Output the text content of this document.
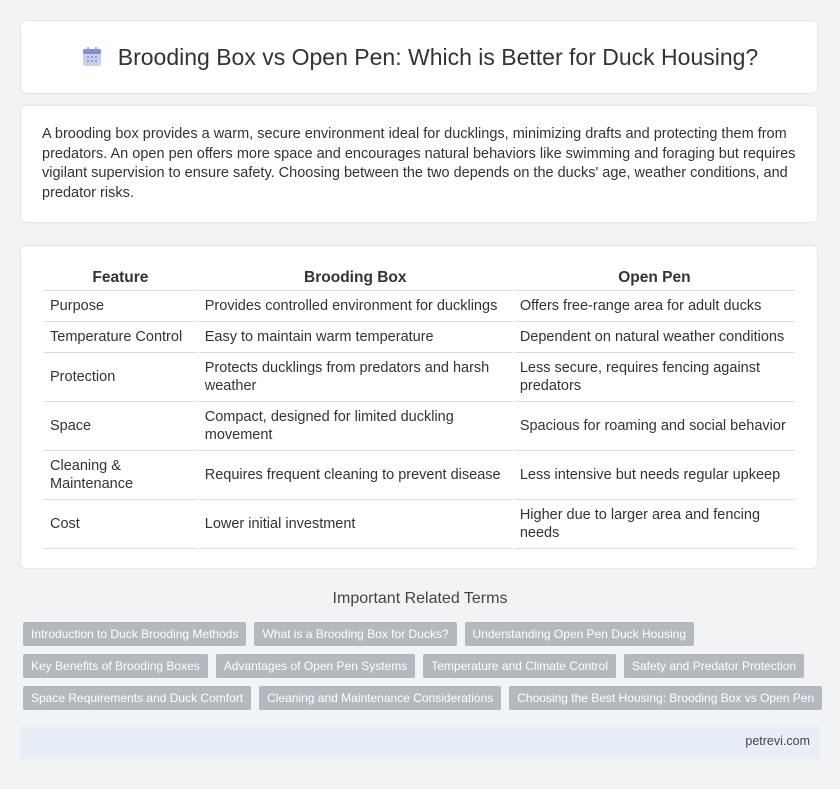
Brooding Box vs Open Pen: Which is Better for Duck Housing?

A brooding box provides a warm, secure environment ideal for ducklings, minimizing drafts and protecting them from predators. An open pen offers more space and encourages natural behaviors like swimming and foraging but requires vigilant supervision to ensure safety. Choosing between the two depends on the ducks' age, weather conditions, and predator risks.

Feature	Brooding Box	Open Pen
Purpose	Provides controlled environment for ducklings	Offers free-range area for adult ducks
Temperature Control	Easy to maintain warm temperature	Dependent on natural weather conditions
Protection	Protects ducklings from predators and harsh weather	Less secure, requires fencing against predators
Space	Compact, designed for limited duckling movement	Spacious for roaming and social behavior
Cleaning & Maintenance	Requires frequent cleaning to prevent disease	Less intensive but needs regular upkeep
Cost	Lower initial investment	Higher due to larger area and fencing needs
Important Related Terms
Introduction to Duck Brooding Methods	What is a Brooding Box for Ducks?	Understanding Open Pen Duck Housing
Key Benefits of Brooding Boxes	Advantages of Open Pen Systems	Temperature and Climate Control	Safety and Predator Protection
Space Requirements and Duck Comfort	Cleaning and Maintenance Considerations	Choosing the Best Housing: Brooding Box vs Open Pen
petrevi.com
